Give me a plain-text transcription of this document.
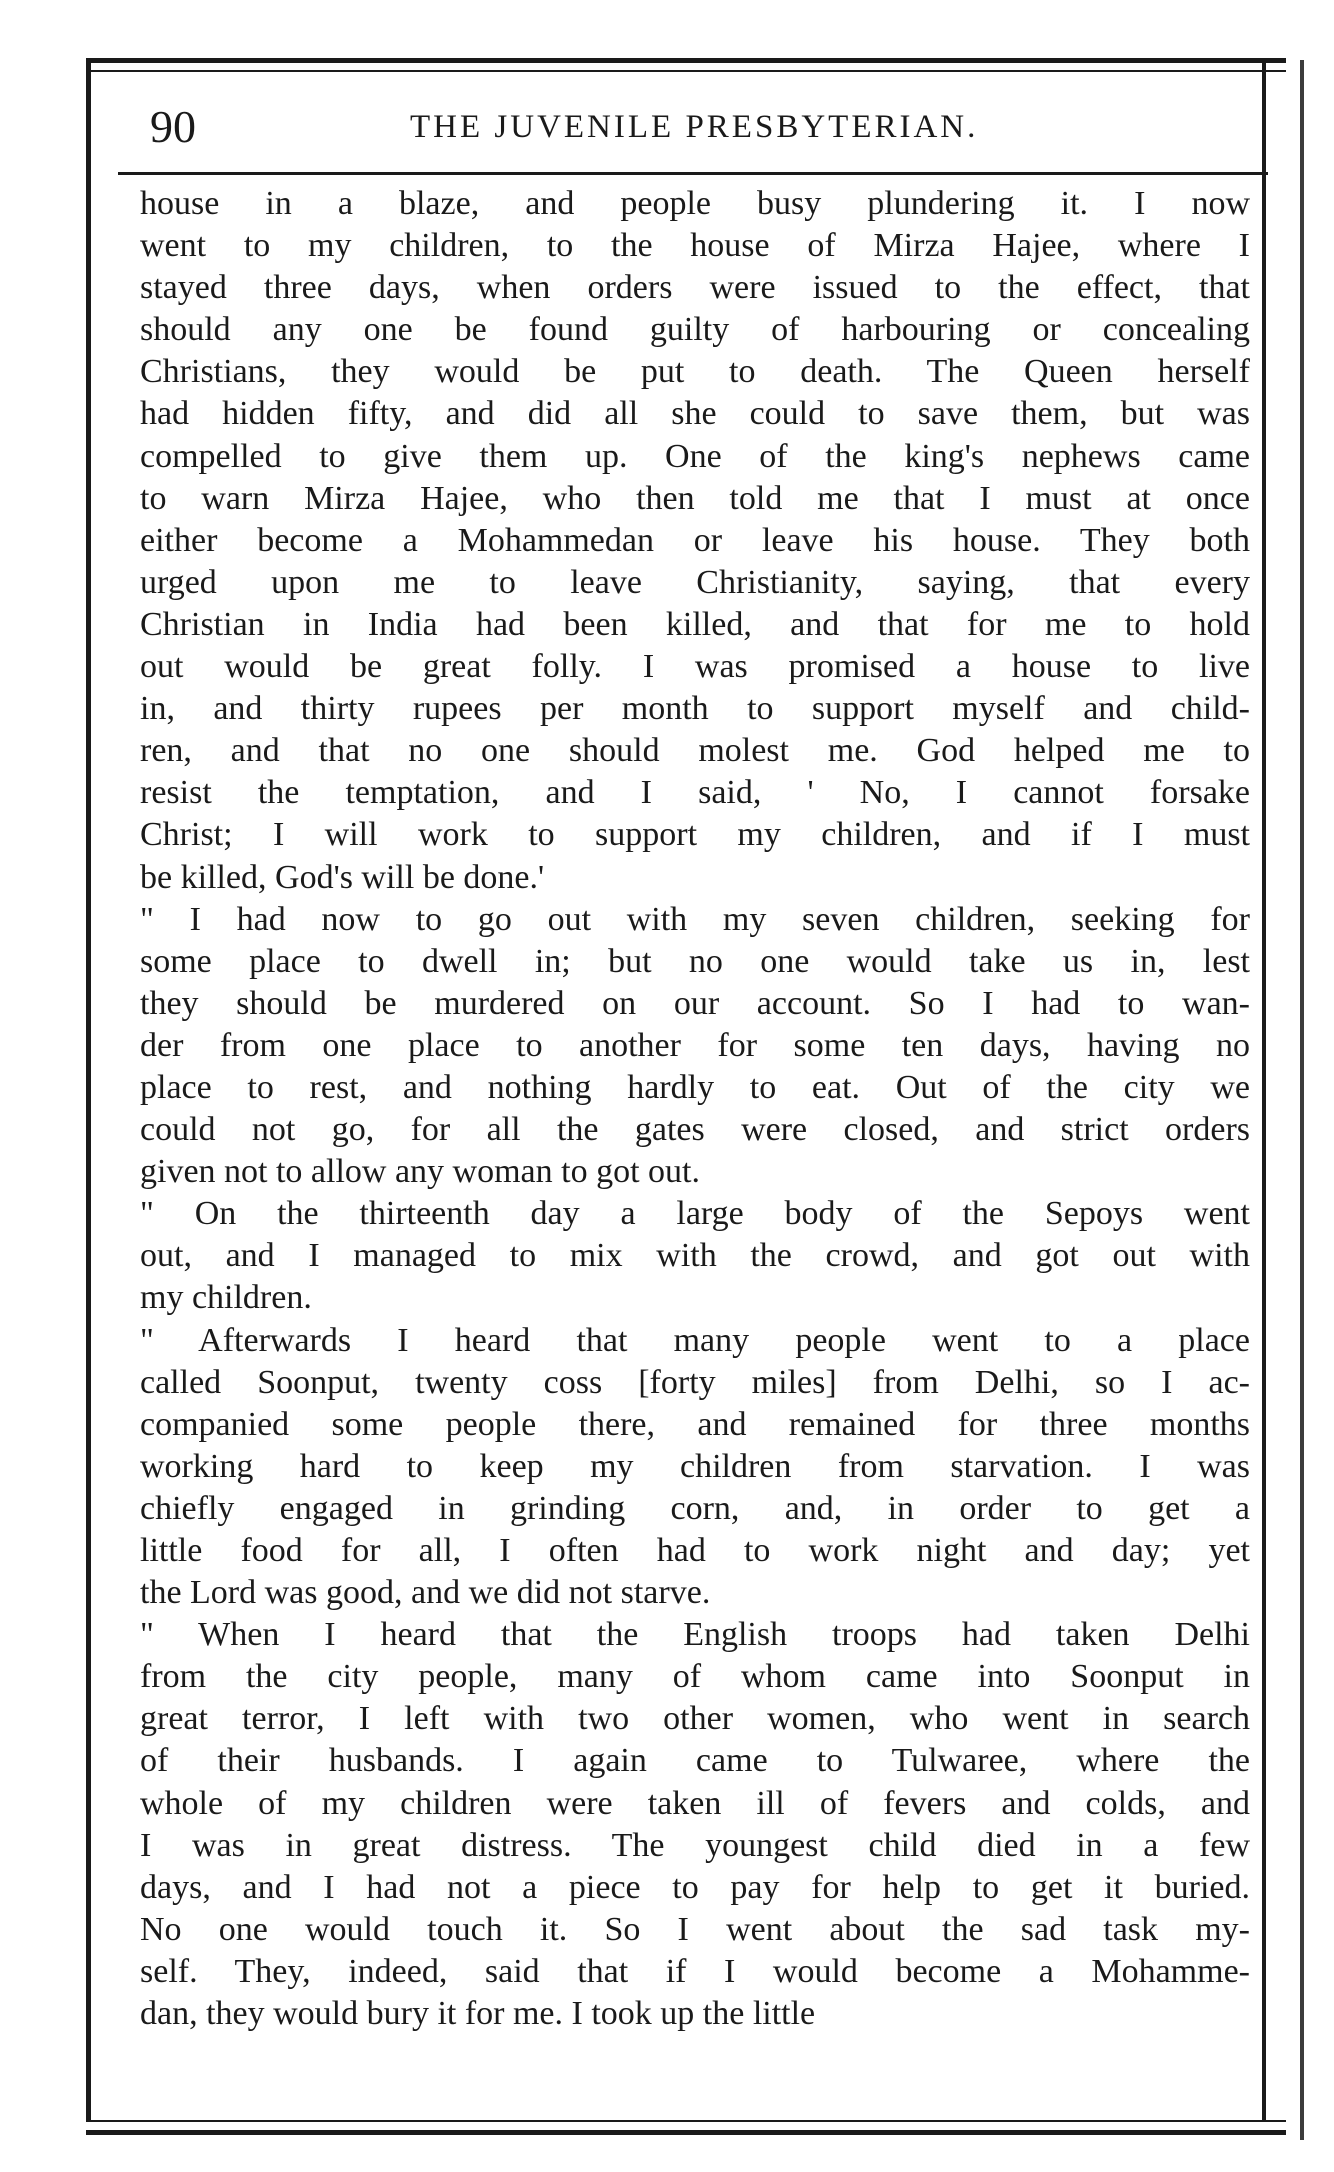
90	THE JUVENILE PRESBYTERIAN.
house in a blaze, and people busy plundering it. I now
went to my children, to the house of Mirza Hajee, where I
stayed three days, when orders were issued to the effect, that
should any one be found guilty of harbouring or concealing
Christians, they would be put to death. The Queen herself
had hidden fifty, and did all she could to save them, but was
compelled to give them up. One of the king's nephews came
to warn Mirza Hajee, who then told me that I must at once
either become a Mohammedan or leave his house. They both
urged upon me to leave Christianity, saying, that every
Christian in India had been killed, and that for me to hold
out would be great folly. I was promised a house to live
in, and thirty rupees per month to support myself and child-
ren, and that no one should molest me. God helped me to
resist the temptation, and I said, ' No, I cannot forsake
Christ; I will work to support my children, and if I must
be killed, God's will be done.'
" I had now to go out with my seven children, seeking for
some place to dwell in; but no one would take us in, lest
they should be murdered on our account. So I had to wan-
der from one place to another for some ten days, having no
place to rest, and nothing hardly to eat. Out of the city we
could not go, for all the gates were closed, and strict orders
given not to allow any woman to got out.
" On the thirteenth day a large body of the Sepoys went
out, and I managed to mix with the crowd, and got out with
my children.
" Afterwards I heard that many people went to a place
called Soonput, twenty coss [forty miles] from Delhi, so I ac-
companied some people there, and remained for three months
working hard to keep my children from starvation. I was
chiefly engaged in grinding corn, and, in order to get a
little food for all, I often had to work night and day; yet
the Lord was good, and we did not starve.
" When I heard that the English troops had taken Delhi
from the city people, many of whom came into Soonput in
great terror, I left with two other women, who went in search
of their husbands. I again came to Tulwaree, where the
whole of my children were taken ill of fevers and colds, and
I was in great distress. The youngest child died in a few
days, and I had not a piece to pay for help to get it buried.
No one would touch it. So I went about the sad task my-
self. They, indeed, said that if I would become a Mohamme-
dan, they would bury it for me. I took up the little
